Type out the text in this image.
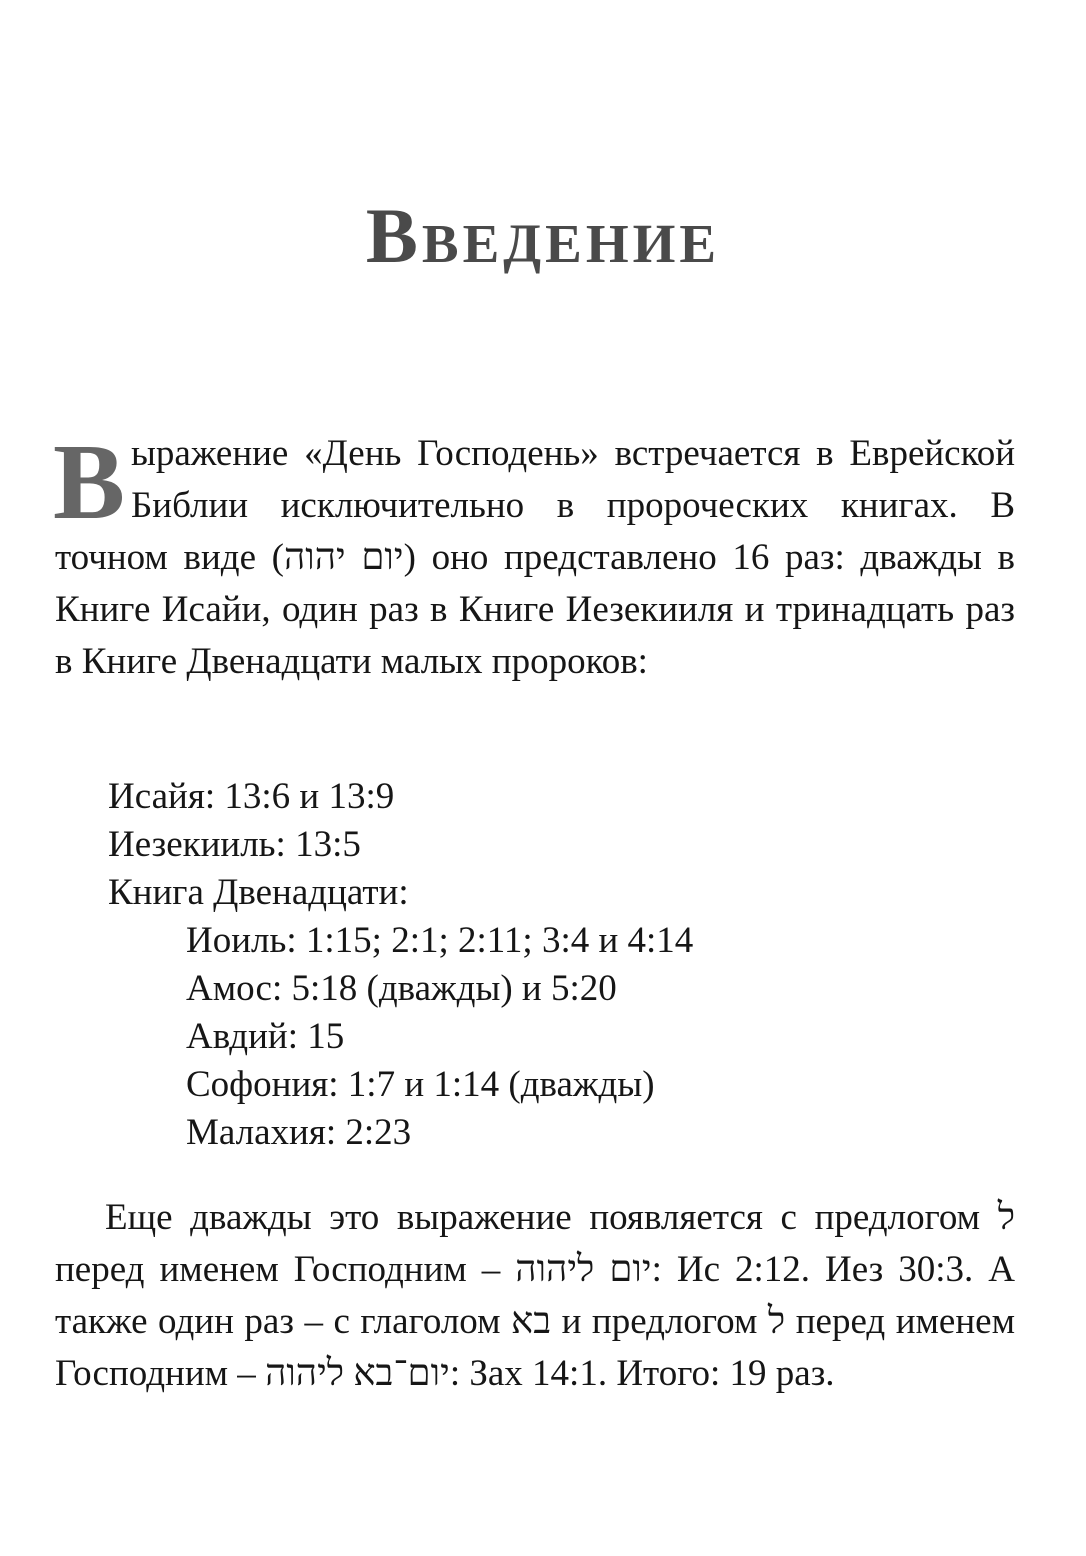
Введение

Выражение «День Господень» встречается в Еврейской Библии исключительно в пророческих книгах. В точном виде (יום יהוה) оно представлено 16 раз: дважды в Книге Исайи, один раз в Книге Иезекииля и тринадцать раз в Книге Двенадцати малых пророков:

Исайя: 13:6 и 13:9
Иезекииль: 13:5
Книга Двенадцати:
Иоиль: 1:15; 2:1; 2:11; 3:4 и 4:14
Амос: 5:18 (дважды) и 5:20
Авдий: 15
Софония: 1:7 и 1:14 (дважды)
Малахия: 2:23

Еще дважды это выражение появляется с предлогом ל перед именем Господним – יום ליהוה: Ис 2:12. Иез 30:3. А также один раз – с глаголом בא и предлогом ל перед именем Господним – יום־בא ליהוה: Зах 14:1. Итого: 19 раз.
